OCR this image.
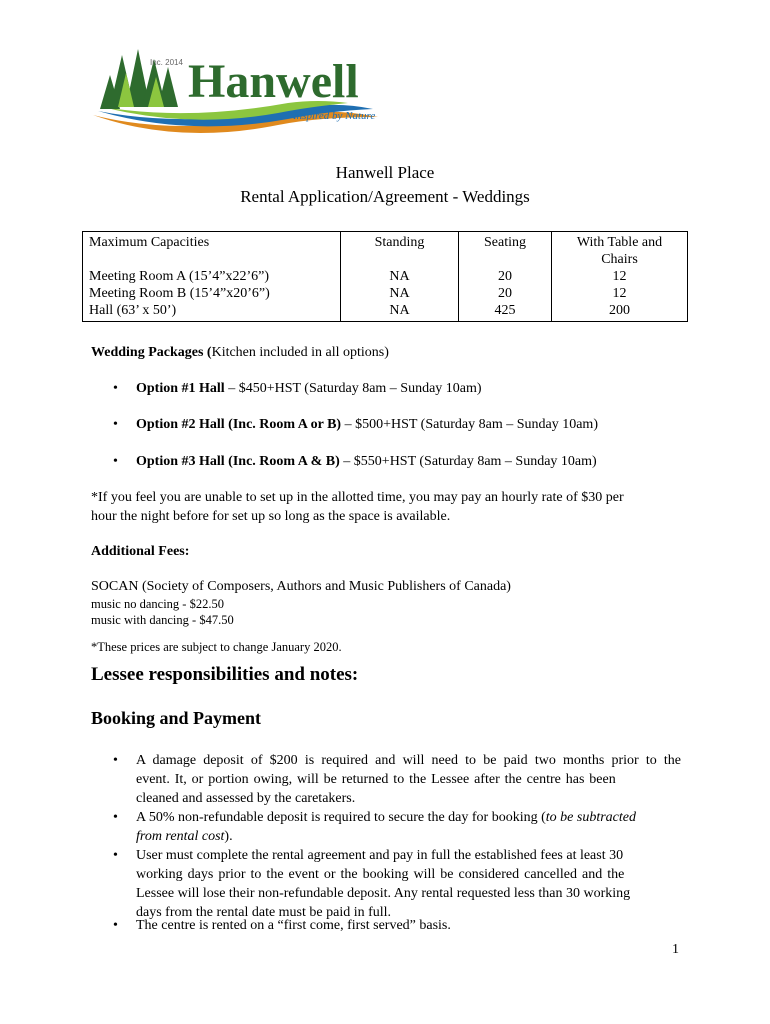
Hanwell
Inc. 2014
Inspired by Nature
Hanwell Place
Rental Application/Agreement - Weddings
Maximum Capacities	Standing	Seating	With Table and Chairs
Meeting Room A (15’4”x22’6”)	NA	20	12
Meeting Room B (15’4”x20’6”)	NA	20	12
Hall (63’ x 50’)	NA	425	200
Wedding Packages (Kitchen included in all options)
• Option #1 Hall – $450+HST (Saturday 8am – Sunday 10am)
• Option #2 Hall (Inc. Room A or B) – $500+HST (Saturday 8am – Sunday 10am)
• Option #3 Hall (Inc. Room A & B) – $550+HST (Saturday 8am – Sunday 10am)
*If you feel you are unable to set up in the allotted time, you may pay an hourly rate of $30 per
hour the night before for set up so long as the space is available.
Additional Fees:
SOCAN (Society of Composers, Authors and Music Publishers of Canada)
music no dancing - $22.50
music with dancing - $47.50
*These prices are subject to change January 2020.
Lessee responsibilities and notes:
Booking and Payment
• A damage deposit of $200 is required and will need to be paid two months prior to the
event. It, or portion owing, will be returned to the Lessee after the centre has been
cleaned and assessed by the caretakers.
• A 50% non-refundable deposit is required to secure the day for booking (to be subtracted
from rental cost).
• User must complete the rental agreement and pay in full the established fees at least 30
working days prior to the event or the booking will be considered cancelled and the
Lessee will lose their non-refundable deposit. Any rental requested less than 30 working
days from the rental date must be paid in full.
• The centre is rented on a “first come, first served” basis.
1
